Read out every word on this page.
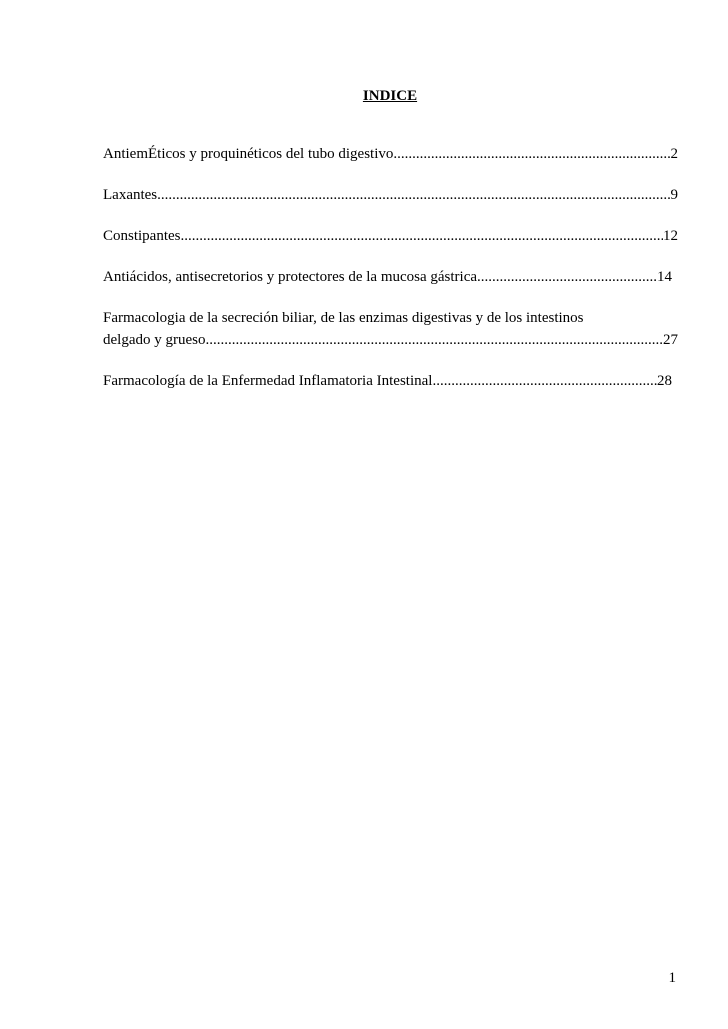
INDICE
AntiemÉticos y proquinéticos del tubo digestivo .....	2
Laxantes .....	9
Constipantes .....	12
Antiácidos, antisecretorios y protectores de la mucosa gástrica .....	14
Farmacologia de la secreción biliar, de las enzimas digestivas y de los intestinos
delgado y grueso .....	27
Farmacología de la Enfermedad Inflamatoria Intestinal .....	28
1
